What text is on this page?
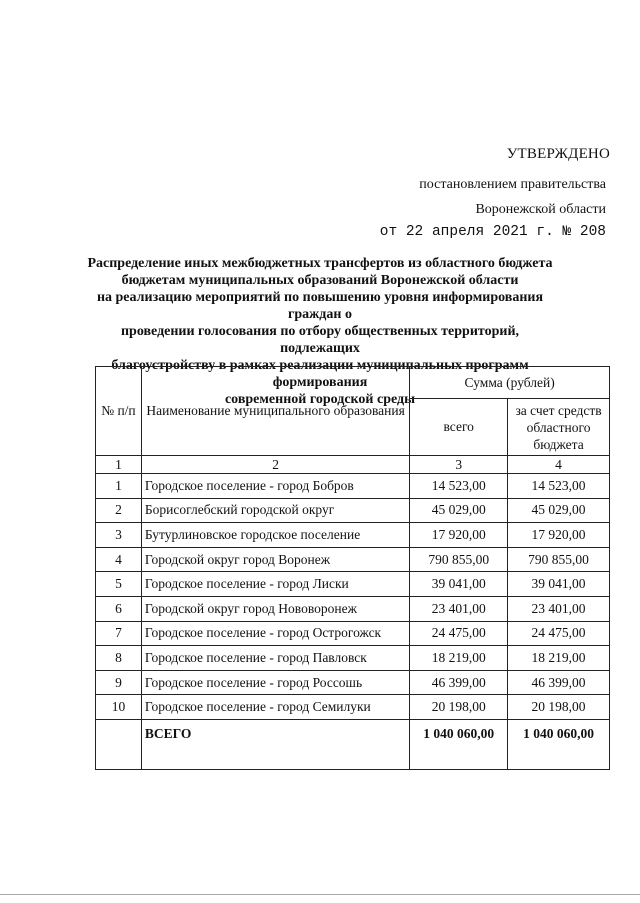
УТВЕРЖДЕНО
постановлением правительства
Воронежской области
от 22 апреля 2021 г. № 208
Распределение иных межбюджетных трансфертов из областного бюджета
бюджетам муниципальных образований Воронежской области
на реализацию мероприятий по повышению уровня информирования граждан о
проведении голосования по отбору общественных территорий, подлежащих
благоустройству в рамках реализации муниципальных программ формирования
современной городской среды
№ п/п	Наименование муниципального образования	Сумма (рублей)	
		всего	за счет средств областного бюджета
1	2	3	4
1	Городское поселение - город Бобров	14 523,00	14 523,00
2	Борисоглебский городской округ	45 029,00	45 029,00
3	Бутурлиновское городское поселение	17 920,00	17 920,00
4	Городской округ город Воронеж	790 855,00	790 855,00
5	Городское поселение - город Лиски	39 041,00	39 041,00
6	Городской округ город Нововоронеж	23 401,00	23 401,00
7	Городское поселение - город Острогожск	24 475,00	24 475,00
8	Городское поселение - город Павловск	18 219,00	18 219,00
9	Городское поселение - город Россошь	46 399,00	46 399,00
10	Городское поселение - город Семилуки	20 198,00	20 198,00
	ВСЕГО	1 040 060,00	1 040 060,00
